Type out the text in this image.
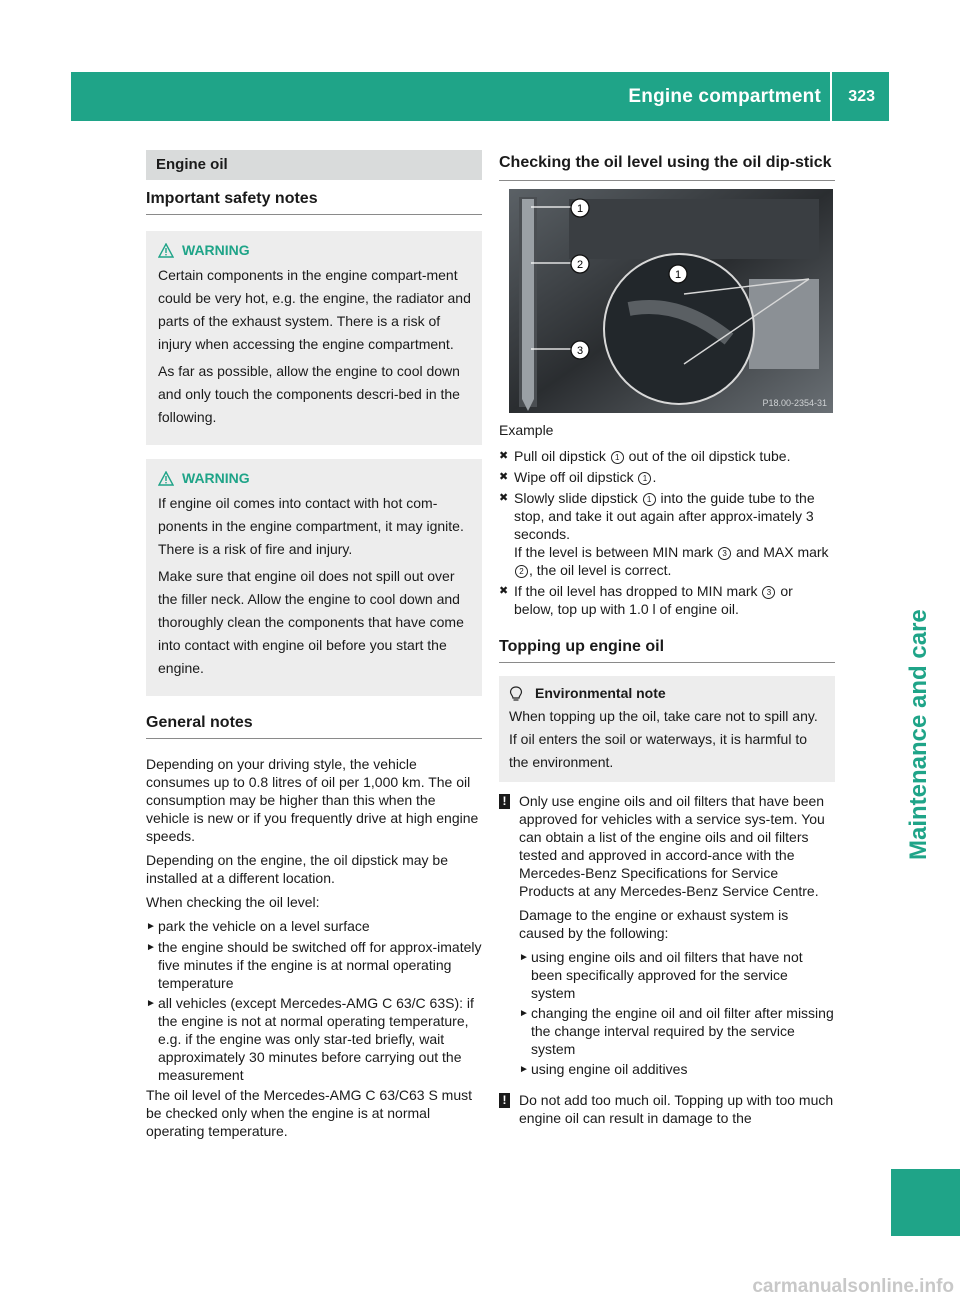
Engine compartment 323
Maintenance and care
Engine oil
Important safety notes
WARNING

Certain components in the engine compart-ment could be very hot, e.g. the engine, the radiator and parts of the exhaust system. There is a risk of injury when accessing the engine compartment.

As far as possible, allow the engine to cool down and only touch the components descri-bed in the following.

WARNING

If engine oil comes into contact with hot com-ponents in the engine compartment, it may ignite. There is a risk of fire and injury.

Make sure that engine oil does not spill out over the filler neck. Allow the engine to cool down and thoroughly clean the components that have come into contact with engine oil before you start the engine.

General notes

Depending on your driving style, the vehicle consumes up to 0.8 litres of oil per 1,000 km. The oil consumption may be higher than this when the vehicle is new or if you frequently drive at high engine speeds.

Depending on the engine, the oil dipstick may be installed at a different location.

When checking the oil level:

► park the vehicle on a level surface
► the engine should be switched off for approx-imately five minutes if the engine is at normal operating temperature
► all vehicles (except Mercedes-AMG C 63/C 63S): if the engine is not at normal operating temperature, e.g. if the engine was only star-ted briefly, wait approximately 30 minutes before carrying out the measurement

The oil level of the Mercedes-AMG C 63/C63 S must be checked only when the engine is at normal operating temperature.

Checking the oil level using the oil dip-stick
1
2
3
1
P18.00-2354-31

Example

✖ Pull oil dipstick 1 out of the oil dipstick tube.
✖ Wipe off oil dipstick 1 .
✖ Slowly slide dipstick 1 into the guide tube to the stop, and take it out again after approx-imately 3 seconds.
If the level is between MIN mark 3 and MAX mark 2 , the oil level is correct.
✖ If the oil level has dropped to MIN mark 3 or below, top up with 1.0 l of engine oil.
Topping up engine oil
Environmental note
When topping up the oil, take care not to spill any. If oil enters the soil or waterways, it is harmful to the environment.
! Only use engine oils and oil filters that have been approved for vehicles with a service sys-tem. You can obtain a list of the engine oils and oil filters tested and approved in accord-ance with the Mercedes-Benz Specifications for Service Products at any Mercedes-Benz Service Centre.

Damage to the engine or exhaust system is caused by the following:

► using engine oils and oil filters that have not been specifically approved for the service system
► changing the engine oil and oil filter after missing the change interval required by the service system
► using engine oil additives
! Do not add too much oil. Topping up with too much engine oil can result in damage to the

carmanualsonline.info
